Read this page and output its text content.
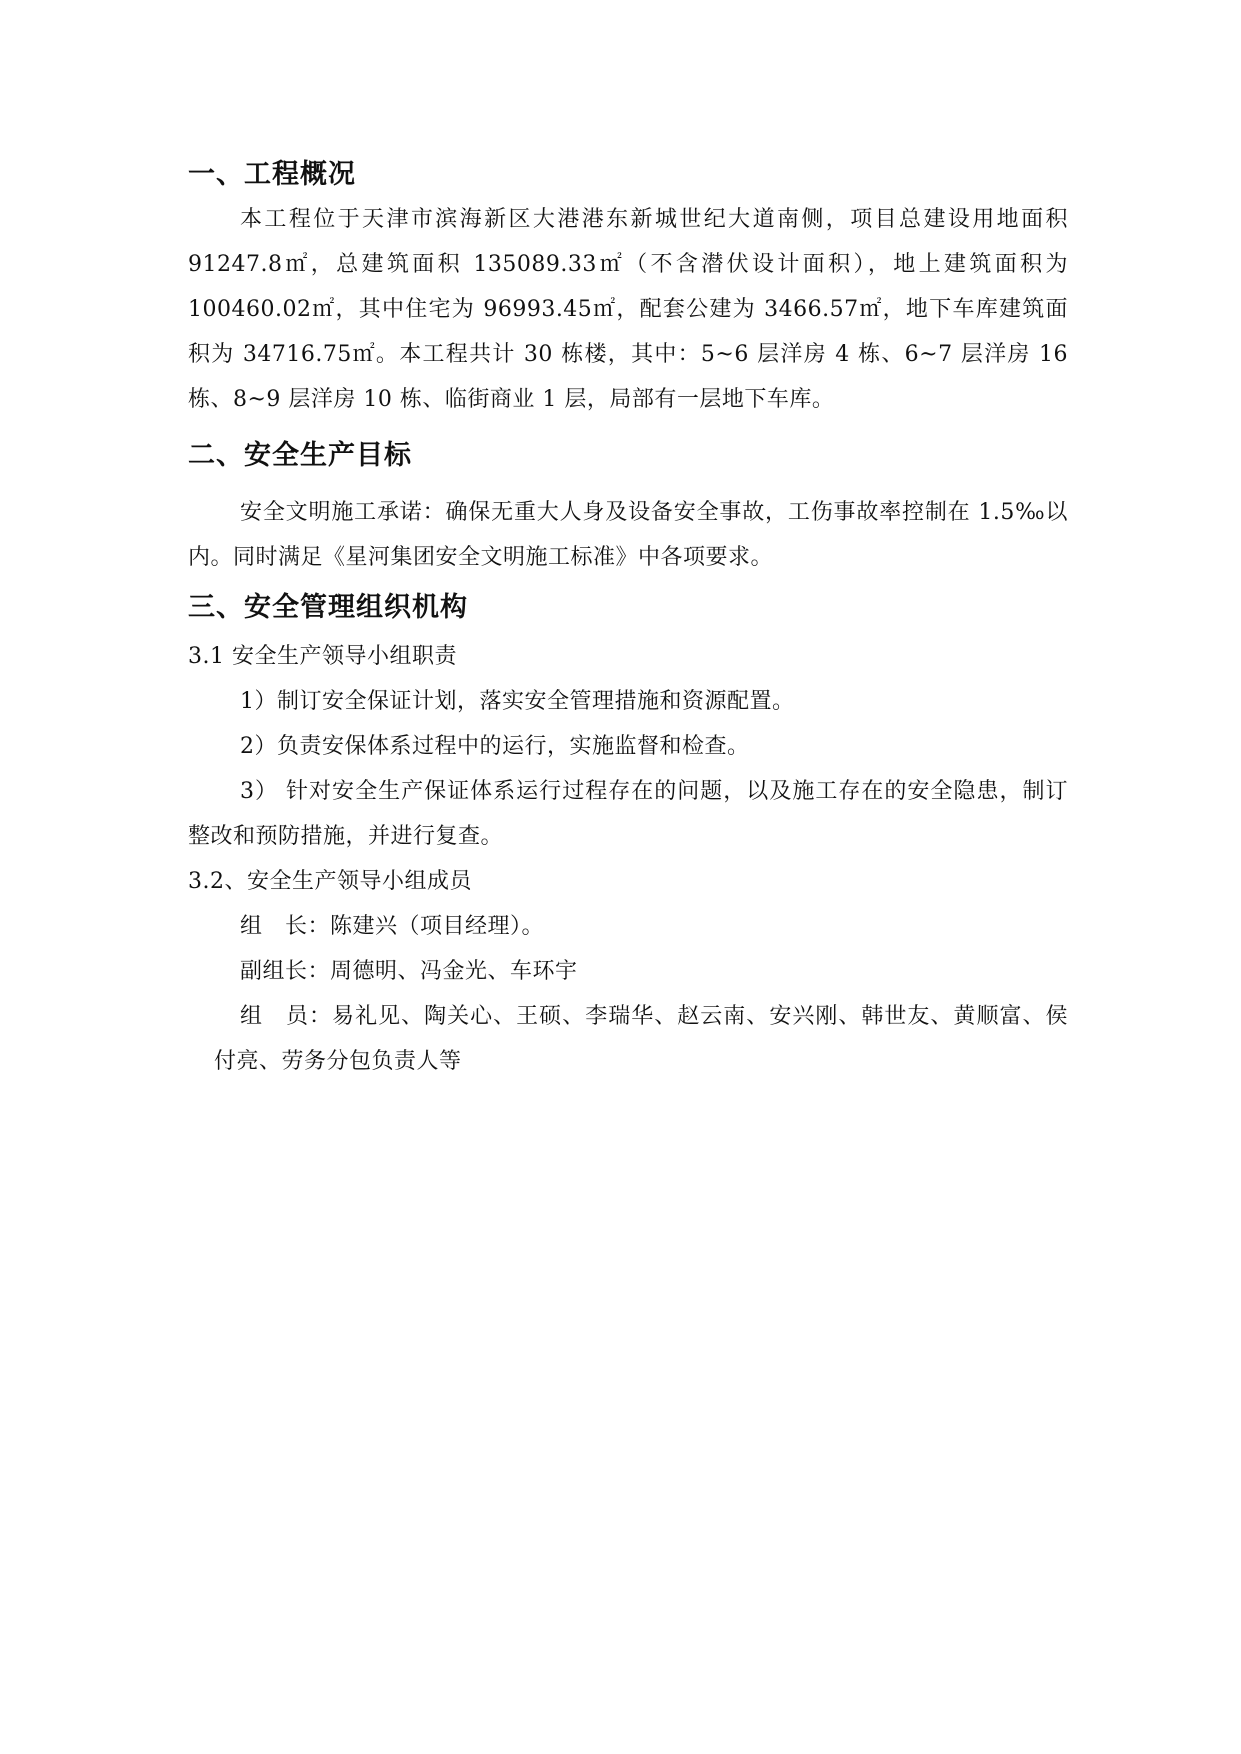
一、工程概况

本工程位于天津市滨海新区大港港东新城世纪大道南侧，项目总建设用地面积 91247.8㎡，总建筑面积 135089.33㎡（不含潜伏设计面积），地上建筑面积为 100460.02㎡，其中住宅为 96993.45㎡，配套公建为 3466.57㎡，地下车库建筑面积为 34716.75㎡。本工程共计 30 栋楼，其中：5~6 层洋房 4 栋、6~7 层洋房 16 栋、8~9 层洋房 10 栋、临街商业 1 层，局部有一层地下车库。

二、安全生产目标

安全文明施工承诺：确保无重大人身及设备安全事故，工伤事故率控制在 1.5‰以内。同时满足《星河集团安全文明施工标准》中各项要求。

三、安全管理组织机构

3.1 安全生产领导小组职责

1）制订安全保证计划，落实安全管理措施和资源配置。

2）负责安保体系过程中的运行，实施监督和检查。

3） 针对安全生产保证体系运行过程存在的问题，以及施工存在的安全隐患，制订整改和预防措施，并进行复查。

3.2、安全生产领导小组成员

组　长：陈建兴（项目经理）。

副组长：周德明、冯金光、车环宇

组　员：易礼见、陶关心、王硕、李瑞华、赵云南、安兴刚、韩世友、黄顺富、侯付亮、劳务分包负责人等
